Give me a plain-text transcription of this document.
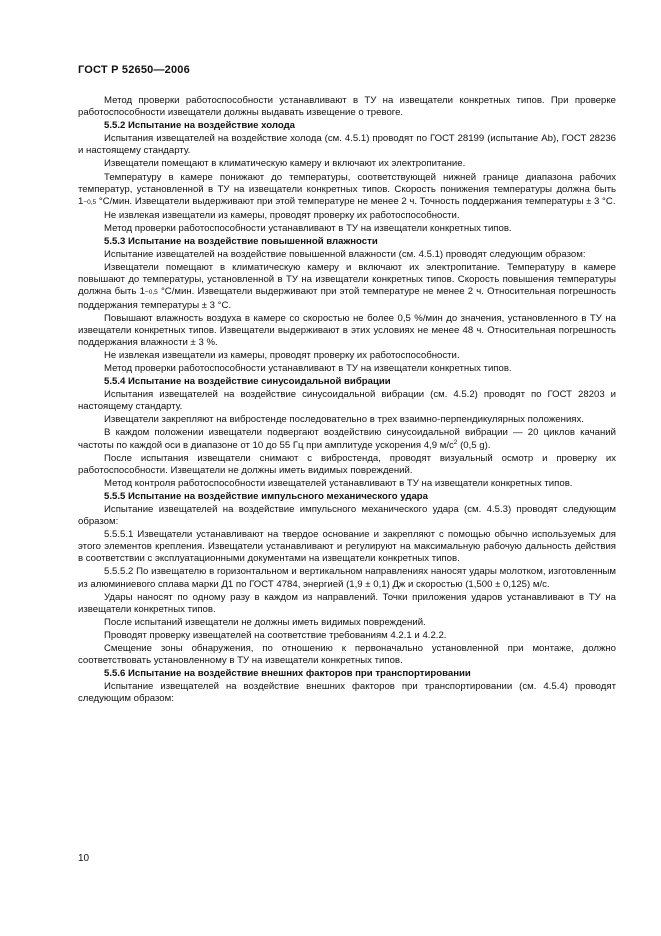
ГОСТ Р 52650—2006

Метод проверки работоспособности устанавливают в ТУ на извещатели конкретных типов. При проверке работоспособности извещатели должны выдавать извещение о тревоге.

5.5.2 Испытание на воздействие холода

Испытания извещателей на воздействие холода (см. 4.5.1) проводят по ГОСТ 28199 (испытание Ab), ГОСТ 28236 и настоящему стандарту.

Извещатели помещают в климатическую камеру и включают их электропитание.

Температуру в камере понижают до температуры, соответствующей нижней границе диапазона рабочих температур, установленной в ТУ на извещатели конкретных типов. Скорость понижения температуры должна быть 1−0,5 °С/мин. Извещатели выдерживают при этой температуре не менее 2 ч. Точность поддержания температуры ± 3 °С.

Не извлекая извещатели из камеры, проводят проверку их работоспособности.

Метод проверки работоспособности устанавливают в ТУ на извещатели конкретных типов.

5.5.3 Испытание на воздействие повышенной влажности

Испытание извещателей на воздействие повышенной влажности (см. 4.5.1) проводят следующим образом:

Извещатели помещают в климатическую камеру и включают их электропитание. Температуру в камере повышают до температуры, установленной в ТУ на извещатели конкретных типов. Скорость повышения температуры должна быть 1−0,5 °С/мин. Извещатели выдерживают при этой температуре не менее 2 ч. Относительная погрешность поддержания температуры ± 3 °С.

Повышают влажность воздуха в камере со скоростью не более 0,5 %/мин до значения, установленного в ТУ на извещатели конкретных типов. Извещатели выдерживают в этих условиях не менее 48 ч. Относительная погрешность поддержания влажности ± 3 %.

Не извлекая извещатели из камеры, проводят проверку их работоспособности.

Метод проверки работоспособности устанавливают в ТУ на извещатели конкретных типов.

5.5.4 Испытание на воздействие синусоидальной вибрации

Испытания извещателей на воздействие синусоидальной вибрации (см. 4.5.2) проводят по ГОСТ 28203 и настоящему стандарту.

Извещатели закрепляют на вибростенде последовательно в трех взаимно-перпендикулярных положениях.

В каждом положении извещатели подвергают воздействию синусоидальной вибрации — 20 циклов качаний частоты по каждой оси в диапазоне от 10 до 55 Гц при амплитуде ускорения 4,9 $м/с^2$ (0,5 g).

После испытания извещатели снимают с вибростенда, проводят визуальный осмотр и проверку их работоспособности. Извещатели не должны иметь видимых повреждений.

Метод контроля работоспособности извещателей устанавливают в ТУ на извещатели конкретных типов.

5.5.5 Испытание на воздействие импульсного механического удара

Испытание извещателей на воздействие импульсного механического удара (см. 4.5.3) проводят следующим образом:

5.5.5.1 Извещатели устанавливают на твердое основание и закрепляют с помощью обычно используемых для этого элементов крепления. Извещатели устанавливают и регулируют на максимальную рабочую дальность действия в соответствии с эксплуатационными документами на извещатели конкретных типов.

5.5.5.2 По извещателю в горизонтальном и вертикальном направлениях наносят удары молотком, изготовленным из алюминиевого сплава марки Д1 по ГОСТ 4784, энергией (1,9 ± 0,1) Дж и скоростью (1,500 ± 0,125) м/с.

Удары наносят по одному разу в каждом из направлений. Точки приложения ударов устанавливают в ТУ на извещатели конкретных типов.

После испытаний извещатели не должны иметь видимых повреждений.

Проводят проверку извещателей на соответствие требованиям 4.2.1 и 4.2.2.

Смещение зоны обнаружения, по отношению к первоначально установленной при монтаже, должно соответствовать установленному в ТУ на извещатели конкретных типов.

5.5.6 Испытание на воздействие внешних факторов при транспортировании

Испытание извещателей на воздействие внешних факторов при транспортировании (см. 4.5.4) проводят следующим образом:

10
